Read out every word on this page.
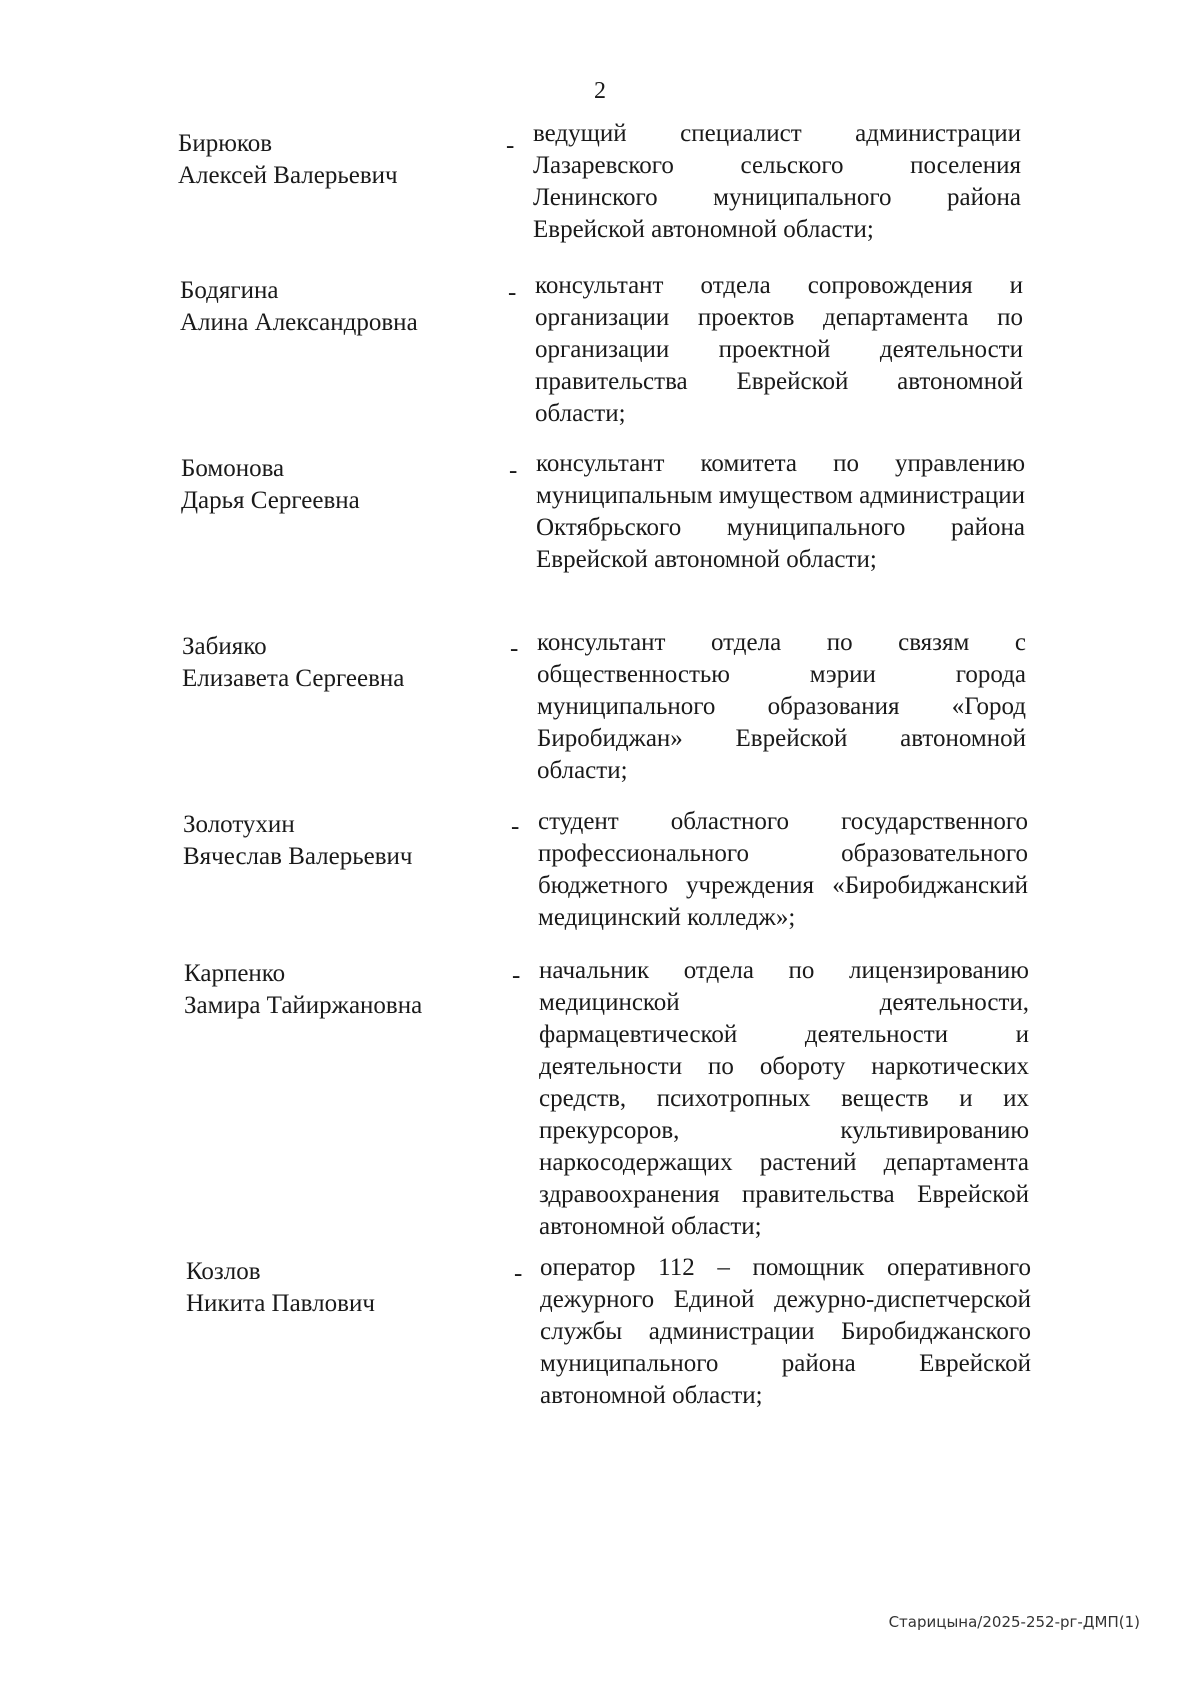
2
Бирюков
Алексей Валерьевич
- ведущий специалист администрации Лазаревского сельского поселения Ленинского муниципального района Еврейской автономной области;
Бодягина
Алина Александровна
- консультант отдела сопровождения и организации проектов департамента по организации проектной деятельности правительства Еврейской автономной области;
Бомонова
Дарья Сергеевна
- консультант комитета по управлению муниципальным имуществом администрации Октябрьского муниципального района Еврейской автономной области;
Забияко
Елизавета Сергеевна
- консультант отдела по связям с общественностью мэрии города муниципального образования «Город Биробиджан» Еврейской автономной области;
Золотухин
Вячеслав Валерьевич
- студент областного государственного профессионального образовательного бюджетного учреждения «Биробиджанский медицинский колледж»;
Карпенко
Замира Тайиржановна
- начальник отдела по лицензированию медицинской деятельности, фармацевтической деятельности и деятельности по обороту наркотических средств, психотропных веществ и их прекурсоров, культивированию наркосодержащих растений департамента здравоохранения правительства Еврейской автономной области;
Козлов
Никита Павлович
- оператор 112 – помощник оперативного дежурного Единой дежурно-диспетчерской службы администрации Биробиджанского муниципального района Еврейской автономной области;
Старицына/2025-252-рг-ДМП(1)
